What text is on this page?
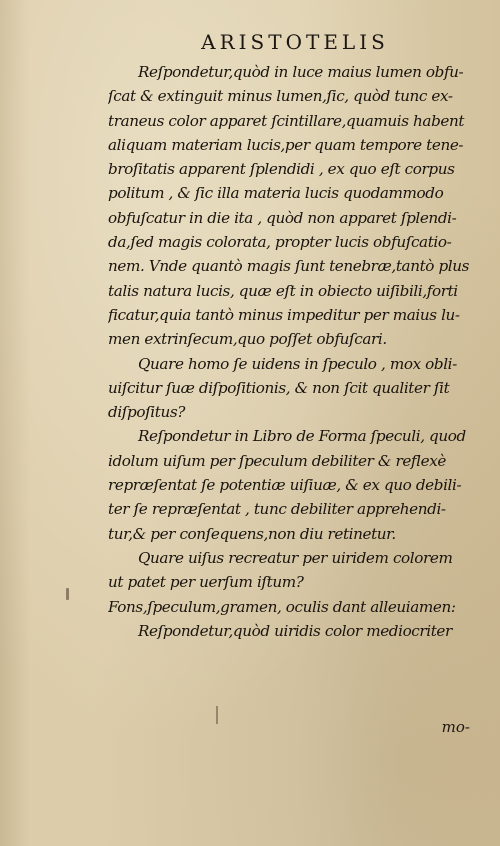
ARISTOTELIS
Reſpondetur,quòd in luce maius lumen obfu-
ſcat & extinguit minus lumen,ſic, quòd tunc ex-
traneus color apparet ſcintillare,quamuis habent
aliquam materiam lucis,per quam tempore tene-
broſitatis apparent ſplendidi , ex quo eſt corpus
politum , & ſic illa materia lucis quodammodo
obfuſcatur in die ita , quòd non apparet ſplendi-
da,ſed magis colorata, propter lucis obfuſcatio-
nem. Vnde quantò magis ſunt tenebræ,tantò plus
talis natura lucis, quæ eſt in obiecto uiſibili,forti
ficatur,quia tantò minus impeditur per maius lu-
men extrinſecum,quo poſſet obfuſcari.
Quare homo ſe uidens in ſpeculo , mox obli-
uiſcitur ſuæ diſpoſitionis, & non ſcit qualiter ſit
diſpoſitus?
Reſpondetur in Libro de Forma ſpeculi, quod
idolum uiſum per ſpeculum debiliter & reflexè
repræſentat ſe potentiæ uiſiuæ, & ex quo debili-
ter ſe repræſentat , tunc debiliter apprehendi-
tur,& per conſequens,non diu retinetur.
Quare uiſus recreatur per uiridem colorem
ut patet per uerſum iſtum?
Fons,ſpeculum,gramen, oculis dant alleuiamen:
Reſpondetur,quòd uiridis color mediocriter
mo-
